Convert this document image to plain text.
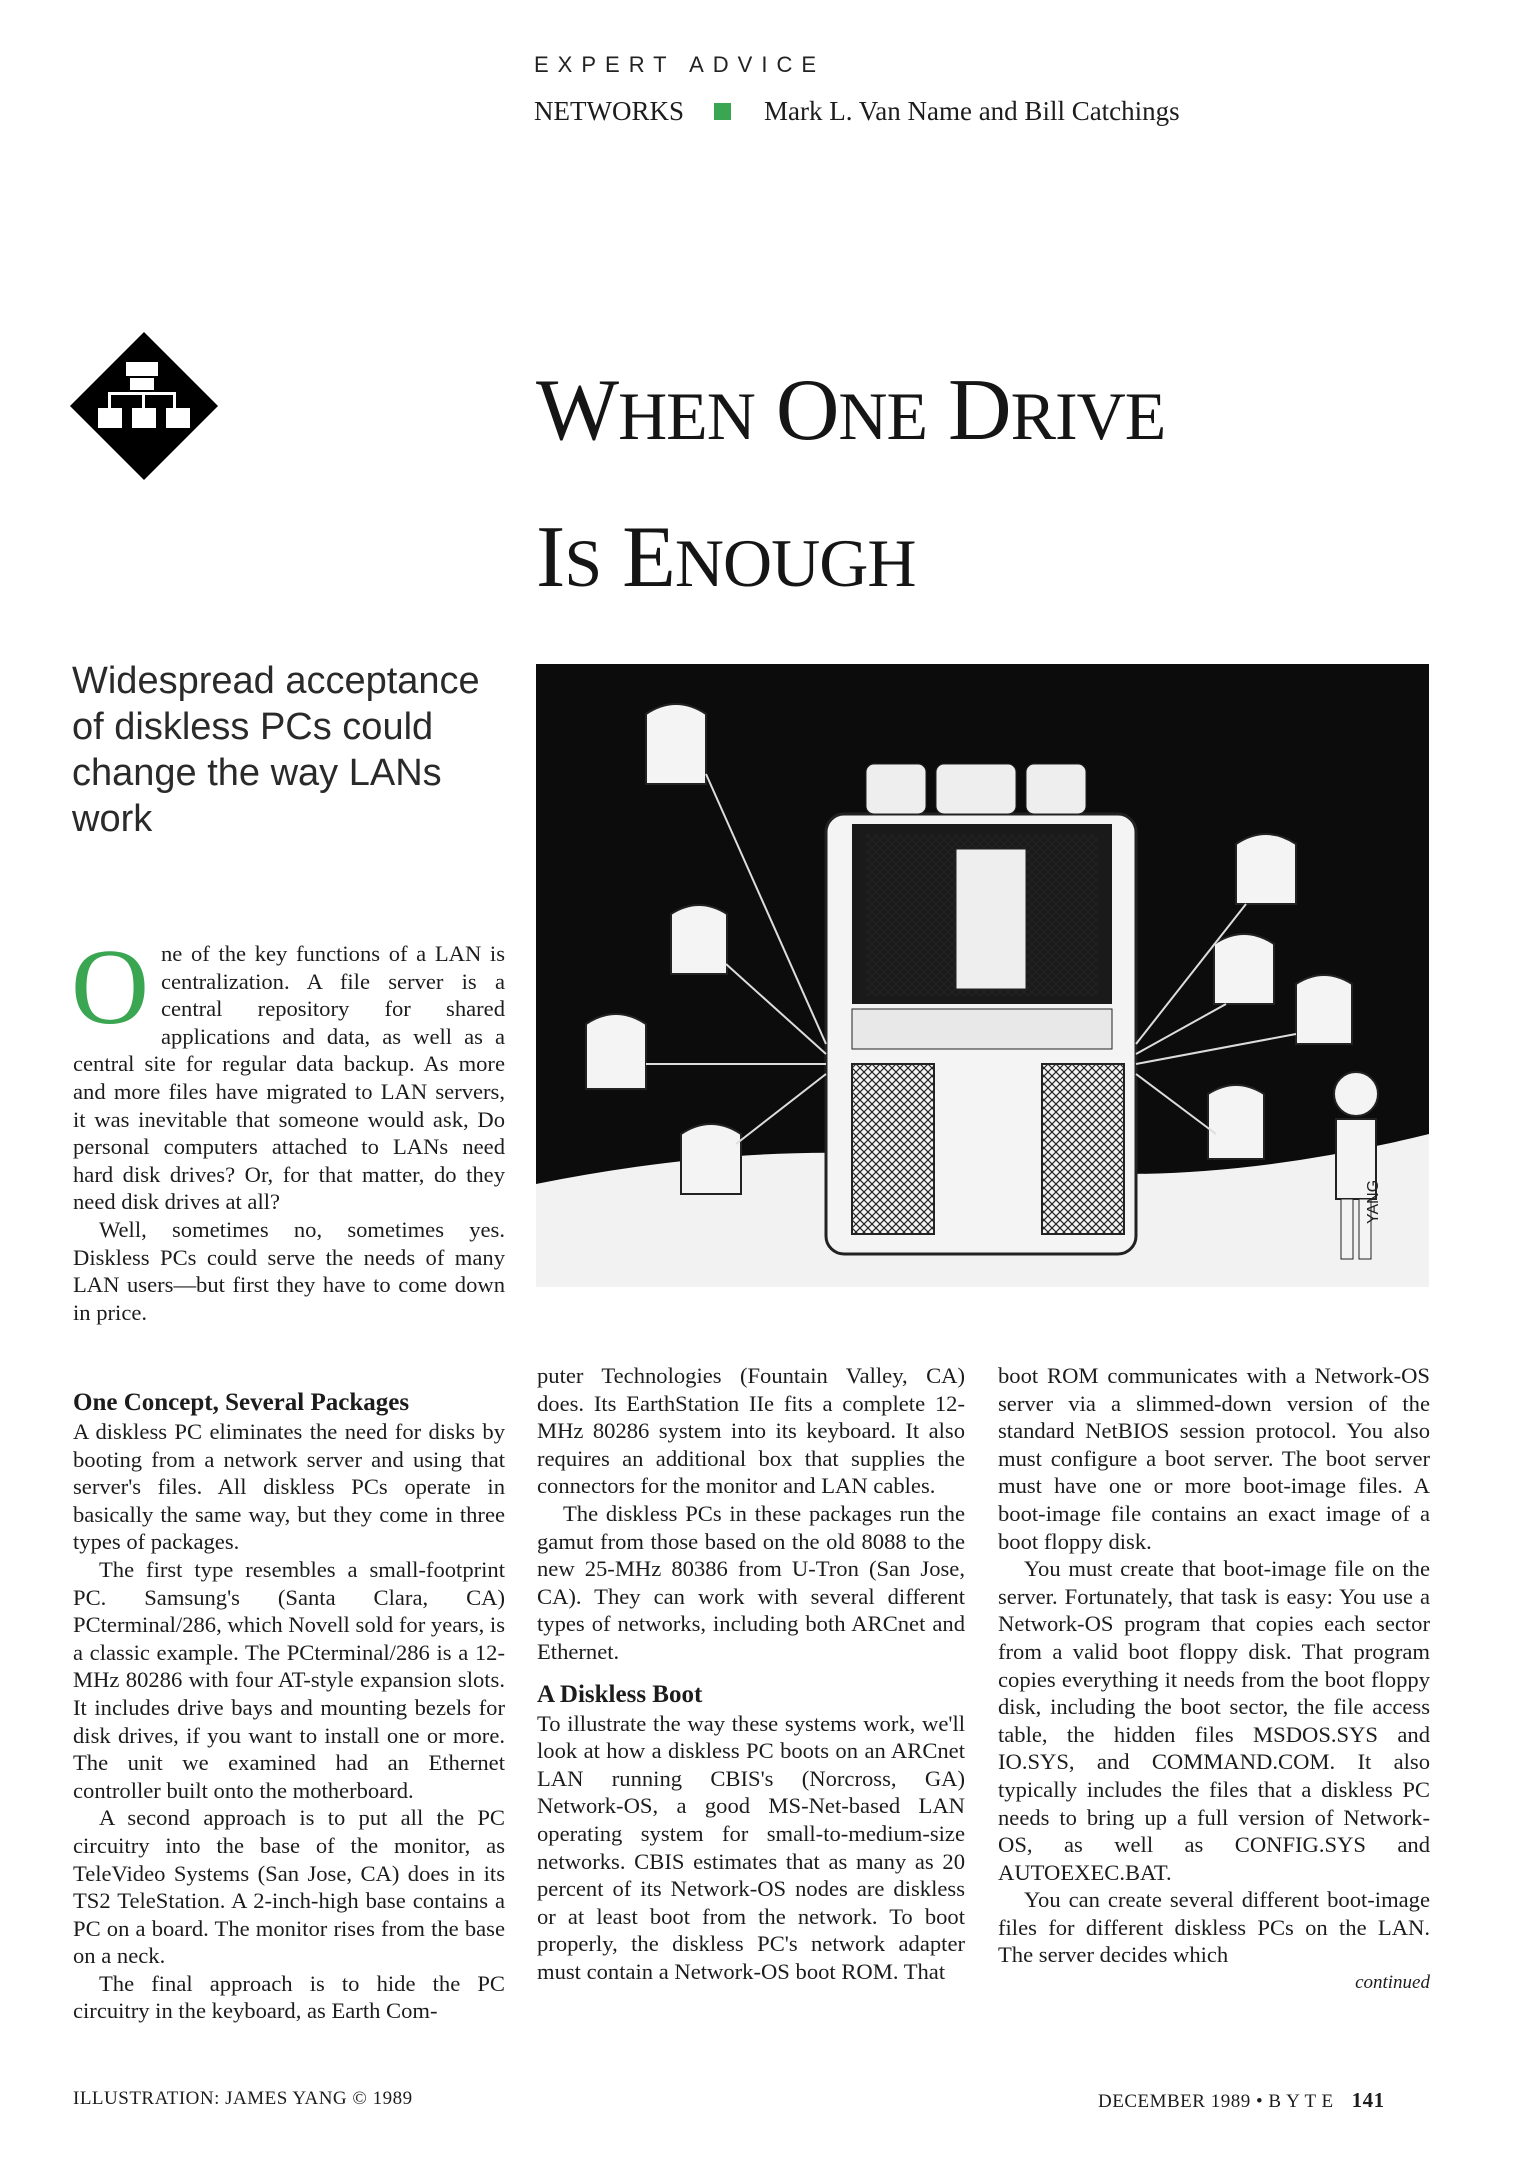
EXPERT ADVICE
NETWORKS	Mark L. Van Name and Bill Catchings
WHEN ONE DRIVE
IS ENOUGH
Widespread acceptance of diskless PCs could change the way LANs work
YANG
O ne of the key functions of a LAN is centralization. A file server is a central repository for shared applications and data, as well as a central site for regular data backup. As more and more files have migrated to LAN servers, it was inevitable that someone would ask, Do personal computers attached to LANs need hard disk drives? Or, for that matter, do they need disk drives at all?

Well, sometimes no, sometimes yes. Diskless PCs could serve the needs of many LAN users—but first they have to come down in price.

One Concept, Several Packages

A diskless PC eliminates the need for disks by booting from a network server and using that server's files. All diskless PCs operate in basically the same way, but they come in three types of packages.

The first type resembles a small-footprint PC. Samsung's (Santa Clara, CA) PCterminal/286, which Novell sold for years, is a classic example. The PCterminal/286 is a 12-MHz 80286 with four AT-style expansion slots. It includes drive bays and mounting bezels for disk drives, if you want to install one or more. The unit we examined had an Ethernet controller built onto the motherboard.

A second approach is to put all the PC circuitry into the base of the monitor, as TeleVideo Systems (San Jose, CA) does in its TS2 TeleStation. A 2-inch-high base contains a PC on a board. The monitor rises from the base on a neck.

The final approach is to hide the PC circuitry in the keyboard, as Earth Com-

puter Technologies (Fountain Valley, CA) does. Its EarthStation IIe fits a complete 12-MHz 80286 system into its keyboard. It also requires an additional box that supplies the connectors for the monitor and LAN cables.

The diskless PCs in these packages run the gamut from those based on the old 8088 to the new 25-MHz 80386 from U-Tron (San Jose, CA). They can work with several different types of networks, including both ARCnet and Ethernet.

A Diskless Boot

To illustrate the way these systems work, we'll look at how a diskless PC boots on an ARCnet LAN running CBIS's (Norcross, GA) Network-OS, a good MS-Net-based LAN operating system for small-to-medium-size networks. CBIS estimates that as many as 20 percent of its Network-OS nodes are diskless or at least boot from the network. To boot properly, the diskless PC's network adapter must contain a Network-OS boot ROM. That

boot ROM communicates with a Network-OS server via a slimmed-down version of the standard NetBIOS session protocol. You also must configure a boot server. The boot server must have one or more boot-image files. A boot-image file contains an exact image of a boot floppy disk.

You must create that boot-image file on the server. Fortunately, that task is easy: You use a Network-OS program that copies each sector from a valid boot floppy disk. That program copies everything it needs from the boot floppy disk, including the boot sector, the file access table, the hidden files MSDOS.SYS and IO.SYS, and COMMAND.COM. It also typically includes the files that a diskless PC needs to bring up a full version of Network-OS, as well as CONFIG.SYS and AUTOEXEC.BAT.

You can create several different boot-image files for different diskless PCs on the LAN. The server decides which

continued

ILLUSTRATION: JAMES YANG © 1989	DECEMBER 1989 • B Y T E 141
